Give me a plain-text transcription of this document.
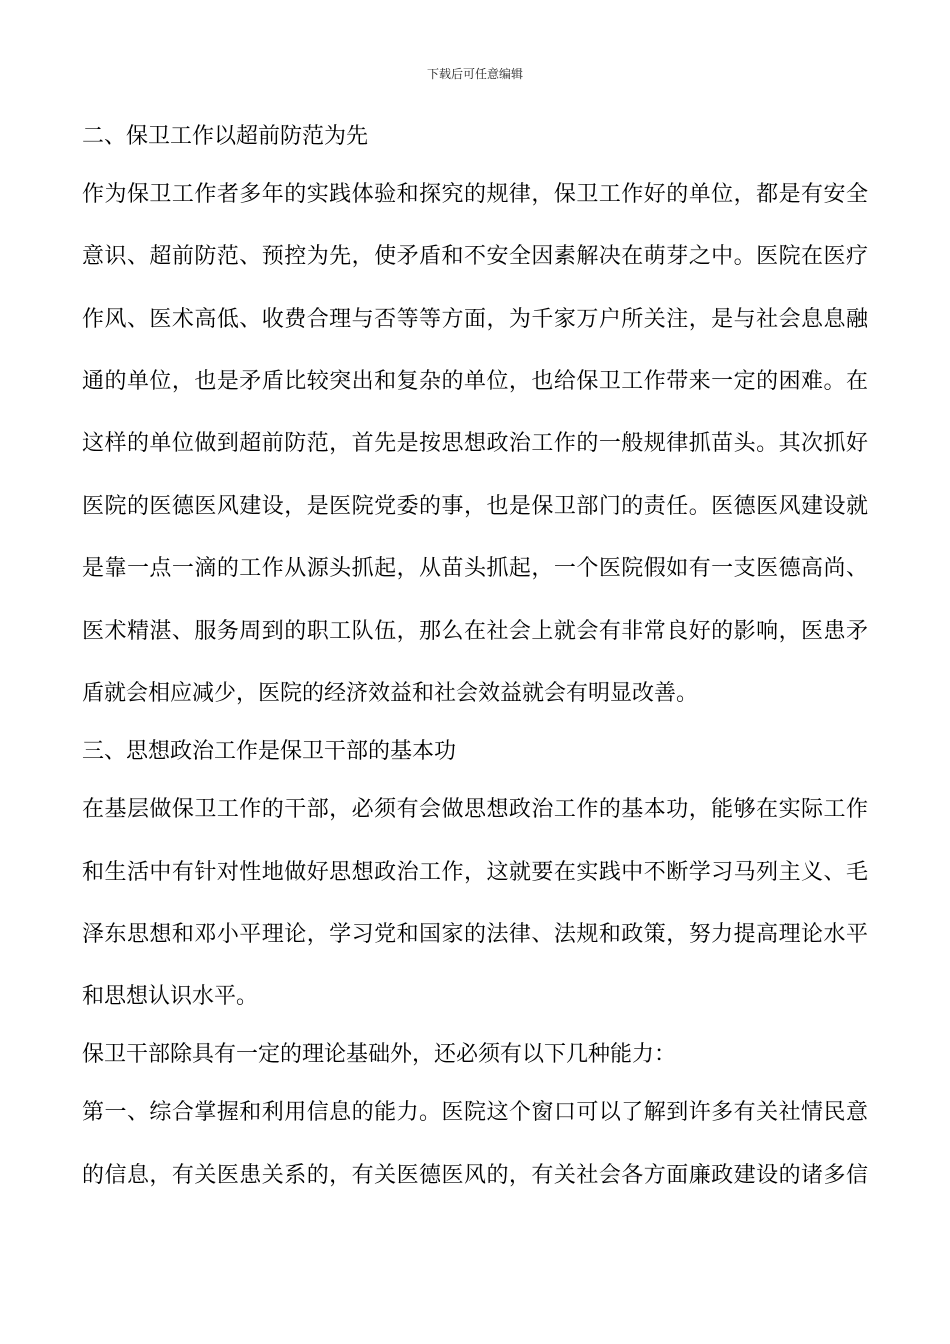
下载后可任意编辑
二、保卫工作以超前防范为先
作为保卫工作者多年的实践体验和探究的规律，保卫工作好的单位，都是有安全
意识、超前防范、预控为先，使矛盾和不安全因素解决在萌芽之中。医院在医疗
作风、医术高低、收费合理与否等等方面，为千家万户所关注，是与社会息息融
通的单位，也是矛盾比较突出和复杂的单位，也给保卫工作带来一定的困难。在
这样的单位做到超前防范，首先是按思想政治工作的一般规律抓苗头。其次抓好
医院的医德医风建设，是医院党委的事，也是保卫部门的责任。医德医风建设就
是靠一点一滴的工作从源头抓起，从苗头抓起，一个医院假如有一支医德高尚、
医术精湛、服务周到的职工队伍，那么在社会上就会有非常良好的影响，医患矛
盾就会相应减少，医院的经济效益和社会效益就会有明显改善。
三、思想政治工作是保卫干部的基本功
在基层做保卫工作的干部，必须有会做思想政治工作的基本功，能够在实际工作
和生活中有针对性地做好思想政治工作，这就要在实践中不断学习马列主义、毛
泽东思想和邓小平理论，学习党和国家的法律、法规和政策，努力提高理论水平
和思想认识水平。
保卫干部除具有一定的理论基础外，还必须有以下几种能力：
第一、综合掌握和利用信息的能力。医院这个窗口可以了解到许多有关社情民意
的信息，有关医患关系的，有关医德医风的，有关社会各方面廉政建设的诸多信
